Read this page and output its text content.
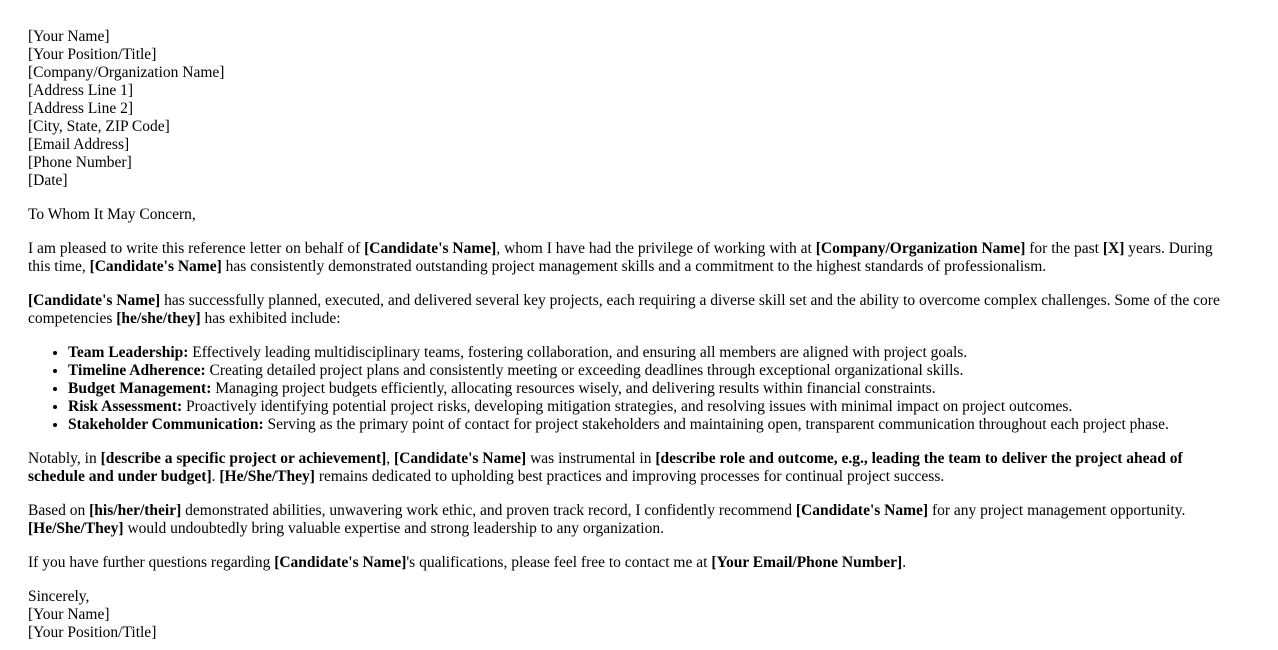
[Your Name]
[Your Position/Title]
[Company/Organization Name]
[Address Line 1]
[Address Line 2]
[City, State, ZIP Code]
[Email Address]
[Phone Number]
[Date]

To Whom It May Concern,

I am pleased to write this reference letter on behalf of [Candidate's Name], whom I have had the privilege of working with at [Company/Organization Name] for the past [X] years. During this time, [Candidate's Name] has consistently demonstrated outstanding project management skills and a commitment to the highest standards of professionalism.

[Candidate's Name] has successfully planned, executed, and delivered several key projects, each requiring a diverse skill set and the ability to overcome complex challenges. Some of the core competencies [he/she/they] has exhibited include:

• Team Leadership: Effectively leading multidisciplinary teams, fostering collaboration, and ensuring all members are aligned with project goals.
• Timeline Adherence: Creating detailed project plans and consistently meeting or exceeding deadlines through exceptional organizational skills.
• Budget Management: Managing project budgets efficiently, allocating resources wisely, and delivering results within financial constraints.
• Risk Assessment: Proactively identifying potential project risks, developing mitigation strategies, and resolving issues with minimal impact on project outcomes.
• Stakeholder Communication: Serving as the primary point of contact for project stakeholders and maintaining open, transparent communication throughout each project phase.

Notably, in [describe a specific project or achievement], [Candidate's Name] was instrumental in [describe role and outcome, e.g., leading the team to deliver the project ahead of schedule and under budget]. [He/She/They] remains dedicated to upholding best practices and improving processes for continual project success.

Based on [his/her/their] demonstrated abilities, unwavering work ethic, and proven track record, I confidently recommend [Candidate's Name] for any project management opportunity. [He/She/They] would undoubtedly bring valuable expertise and strong leadership to any organization.

If you have further questions regarding [Candidate's Name]'s qualifications, please feel free to contact me at [Your Email/Phone Number].

Sincerely,
[Your Name]
[Your Position/Title]
